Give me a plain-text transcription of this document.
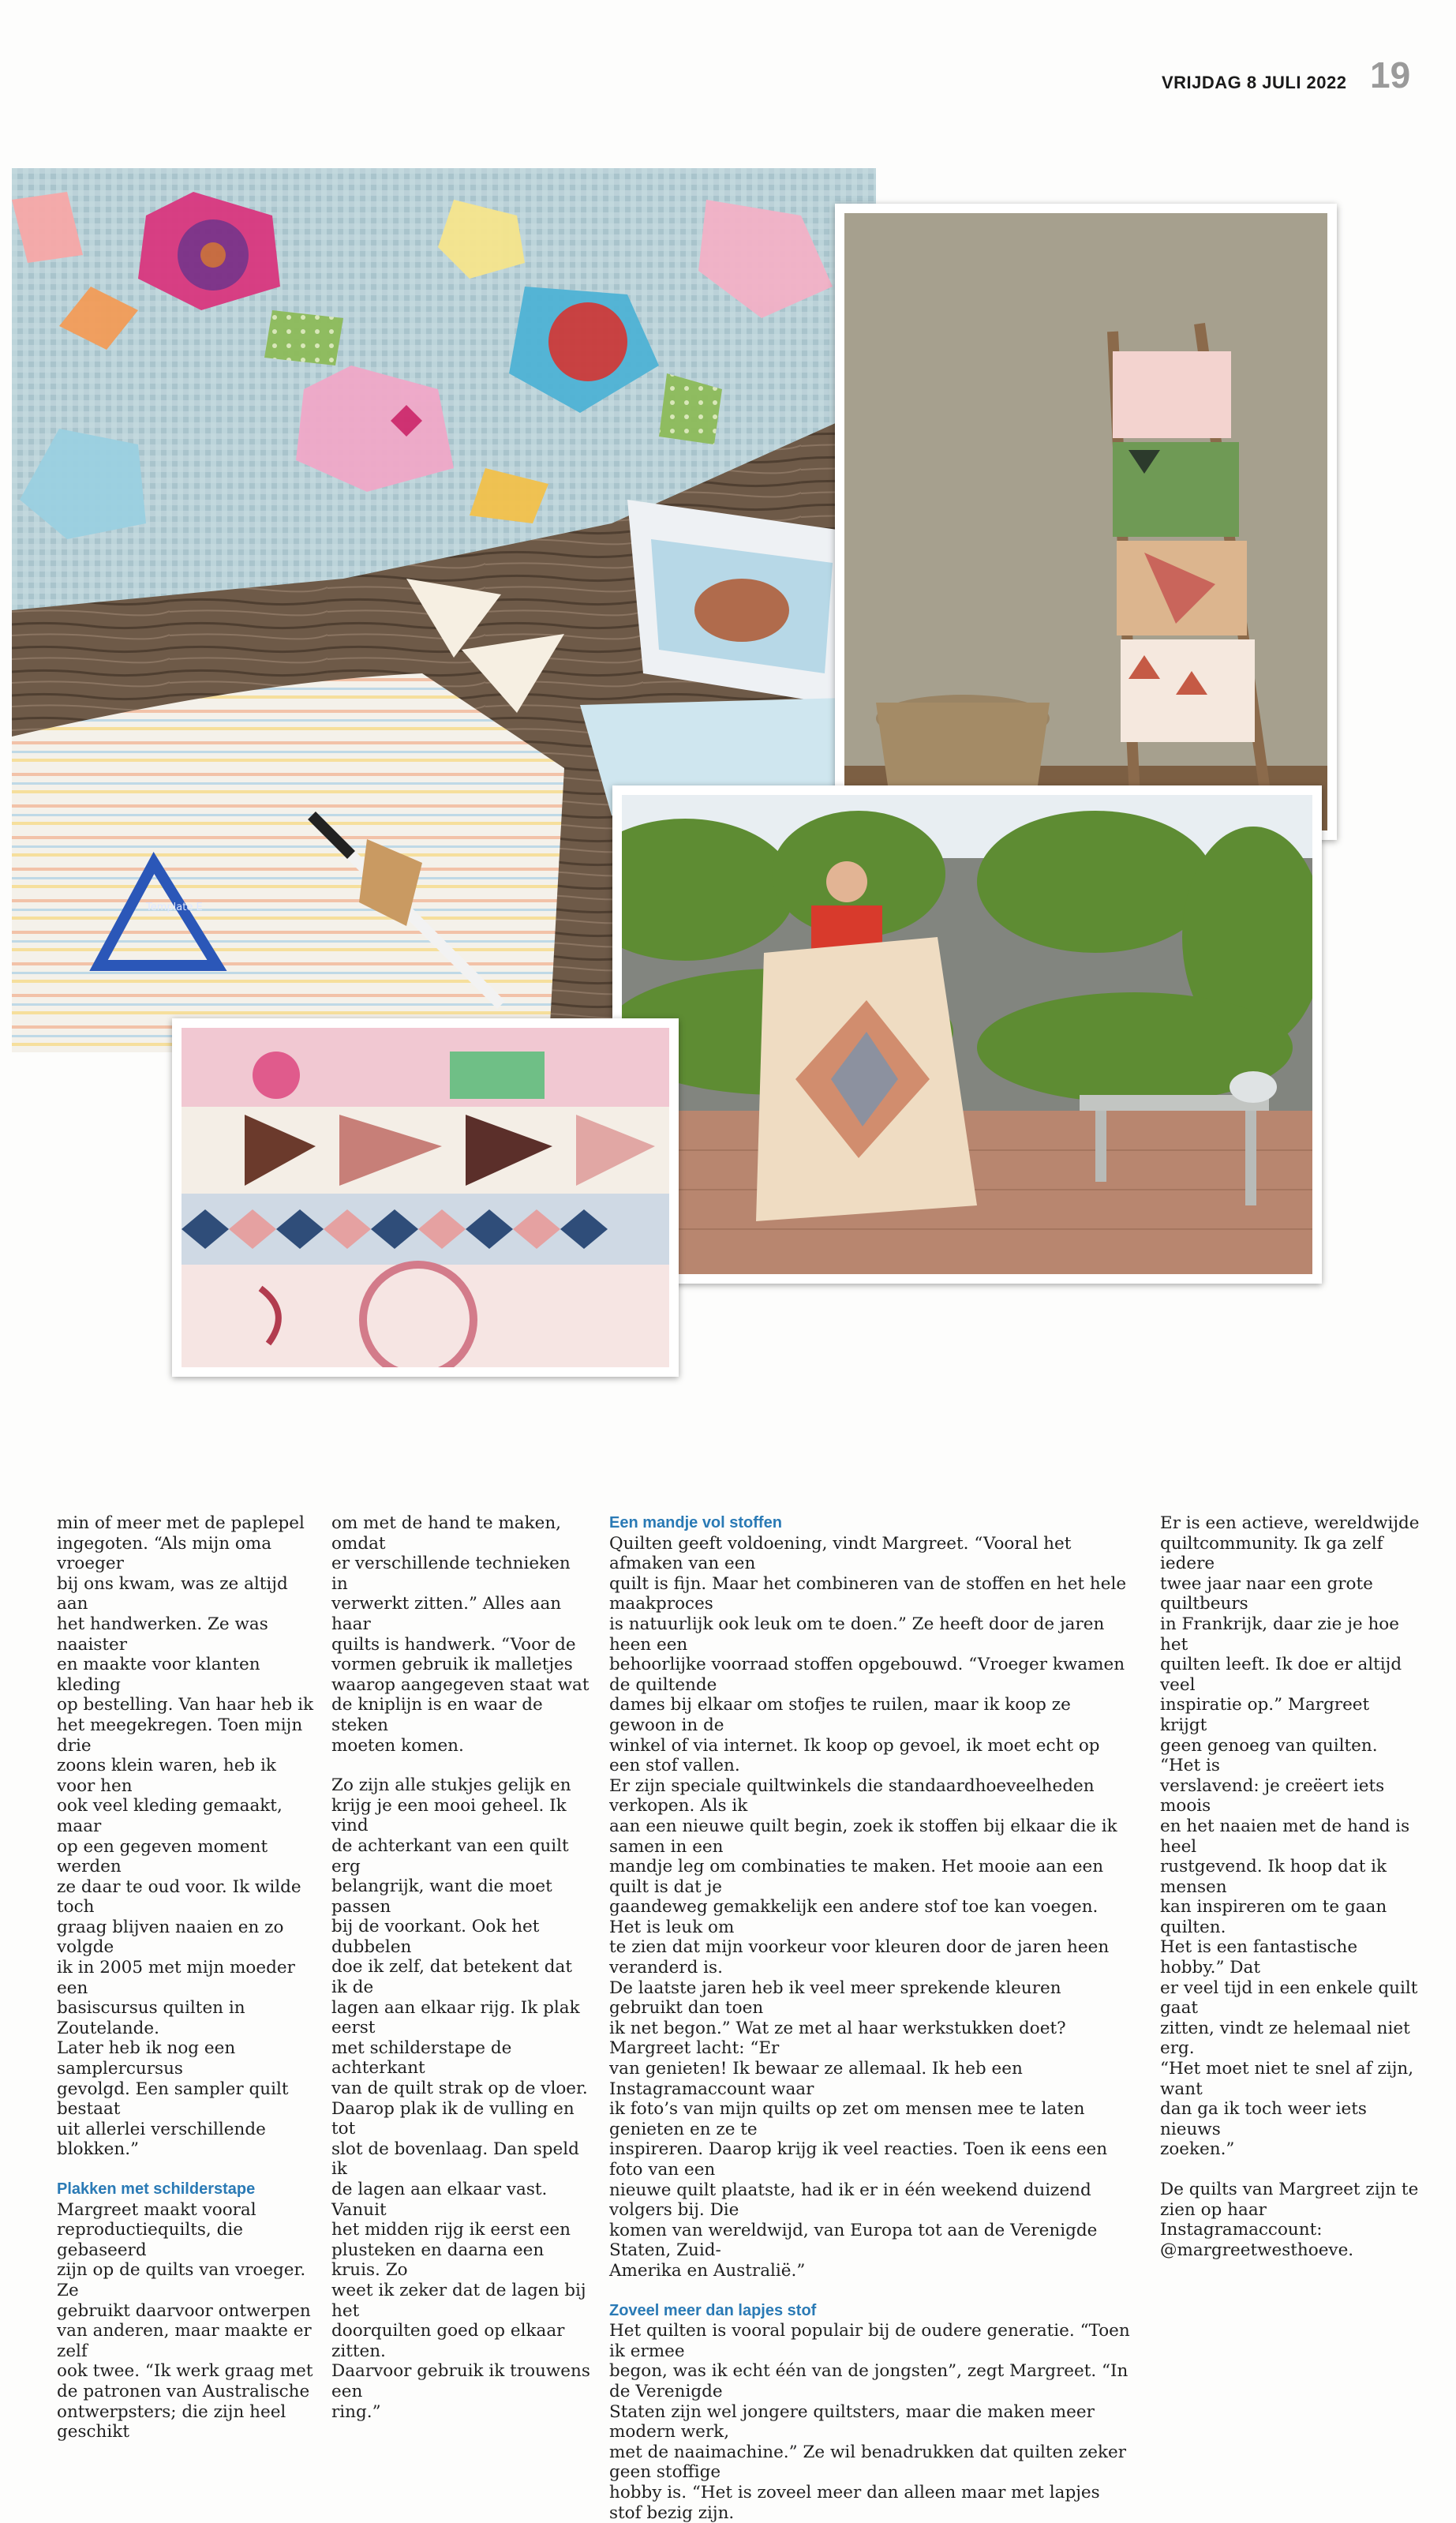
VRIJDAG 8 JULI 2022 19
Template E

min of meer met de paplepel
ingegoten. “Als mijn oma vroeger
bij ons kwam, was ze altijd aan
het handwerken. Ze was naaister
en maakte voor klanten kleding
op bestelling. Van haar heb ik
het meegekregen. Toen mijn drie
zoons klein waren, heb ik voor hen
ook veel kleding gemaakt, maar
op een gegeven moment werden
ze daar te oud voor. Ik wilde toch
graag blijven naaien en zo volgde
ik in 2005 met mijn moeder een
basiscursus quilten in Zoutelande.
Later heb ik nog een samplercursus
gevolgd. Een sampler quilt bestaat
uit allerlei verschillende blokken.”

Plakken met schilderstape

Margreet maakt vooral
reproductiequilts, die gebaseerd
zijn op de quilts van vroeger. Ze
gebruikt daarvoor ontwerpen
van anderen, maar maakte er zelf
ook twee. “Ik werk graag met
de patronen van Australische
ontwerpsters; die zijn heel geschikt

om met de hand te maken, omdat
er verschillende technieken in
verwerkt zitten.” Alles aan haar
quilts is handwerk. “Voor de
vormen gebruik ik malletjes
waarop aangegeven staat wat
de kniplijn is en waar de steken
moeten komen.

Zo zijn alle stukjes gelijk en
krijg je een mooi geheel. Ik vind
de achterkant van een quilt erg
belangrijk, want die moet passen
bij de voorkant. Ook het dubbelen
doe ik zelf, dat betekent dat ik de
lagen aan elkaar rijg. Ik plak eerst
met schilderstape de achterkant
van de quilt strak op de vloer.
Daarop plak ik de vulling en tot
slot de bovenlaag. Dan speld ik
de lagen aan elkaar vast. Vanuit
het midden rijg ik eerst een
plusteken en daarna een kruis. Zo
weet ik zeker dat de lagen bij het
doorquilten goed op elkaar zitten.
Daarvoor gebruik ik trouwens een
ring.”

Een mandje vol stoffen

Quilten geeft voldoening, vindt Margreet. “Vooral het afmaken van een
quilt is fijn. Maar het combineren van de stoffen en het hele maakproces
is natuurlijk ook leuk om te doen.” Ze heeft door de jaren heen een
behoorlijke voorraad stoffen opgebouwd. “Vroeger kwamen de quiltende
dames bij elkaar om stofjes te ruilen, maar ik koop ze gewoon in de
winkel of via internet. Ik koop op gevoel, ik moet echt op een stof vallen.
Er zijn speciale quiltwinkels die standaardhoeveelheden verkopen. Als ik
aan een nieuwe quilt begin, zoek ik stoffen bij elkaar die ik samen in een
mandje leg om combinaties te maken. Het mooie aan een quilt is dat je
gaandeweg gemakkelijk een andere stof toe kan voegen. Het is leuk om
te zien dat mijn voorkeur voor kleuren door de jaren heen veranderd is.
De laatste jaren heb ik veel meer sprekende kleuren gebruikt dan toen
ik net begon.” Wat ze met al haar werkstukken doet? Margreet lacht: “Er
van genieten! Ik bewaar ze allemaal. Ik heb een Instagramaccount waar
ik foto’s van mijn quilts op zet om mensen mee te laten genieten en ze te
inspireren. Daarop krijg ik veel reacties. Toen ik eens een foto van een
nieuwe quilt plaatste, had ik er in één weekend duizend volgers bij. Die
komen van wereldwijd, van Europa tot aan de Verenigde Staten, Zuid-
Amerika en Australië.”

Zoveel meer dan lapjes stof

Het quilten is vooral populair bij de oudere generatie. “Toen ik ermee
begon, was ik echt één van de jongsten”, zegt Margreet. “In de Verenigde
Staten zijn wel jongere quiltsters, maar die maken meer modern werk,
met de naaimachine.” Ze wil benadrukken dat quilten zeker geen stoffige
hobby is. “Het is zoveel meer dan alleen maar met lapjes stof bezig zijn.

Er is een actieve, wereldwijde
quiltcommunity. Ik ga zelf iedere
twee jaar naar een grote quiltbeurs
in Frankrijk, daar zie je hoe het
quilten leeft. Ik doe er altijd veel
inspiratie op.” Margreet krijgt
geen genoeg van quilten. “Het is
verslavend: je creëert iets moois
en het naaien met de hand is heel
rustgevend. Ik hoop dat ik mensen
kan inspireren om te gaan quilten.
Het is een fantastische hobby.” Dat
er veel tijd in een enkele quilt gaat
zitten, vindt ze helemaal niet erg.
“Het moet niet te snel af zijn, want
dan ga ik toch weer iets nieuws
zoeken.”

De quilts van Margreet zijn te
zien op haar Instagramaccount:
@margreetwesthoeve.
